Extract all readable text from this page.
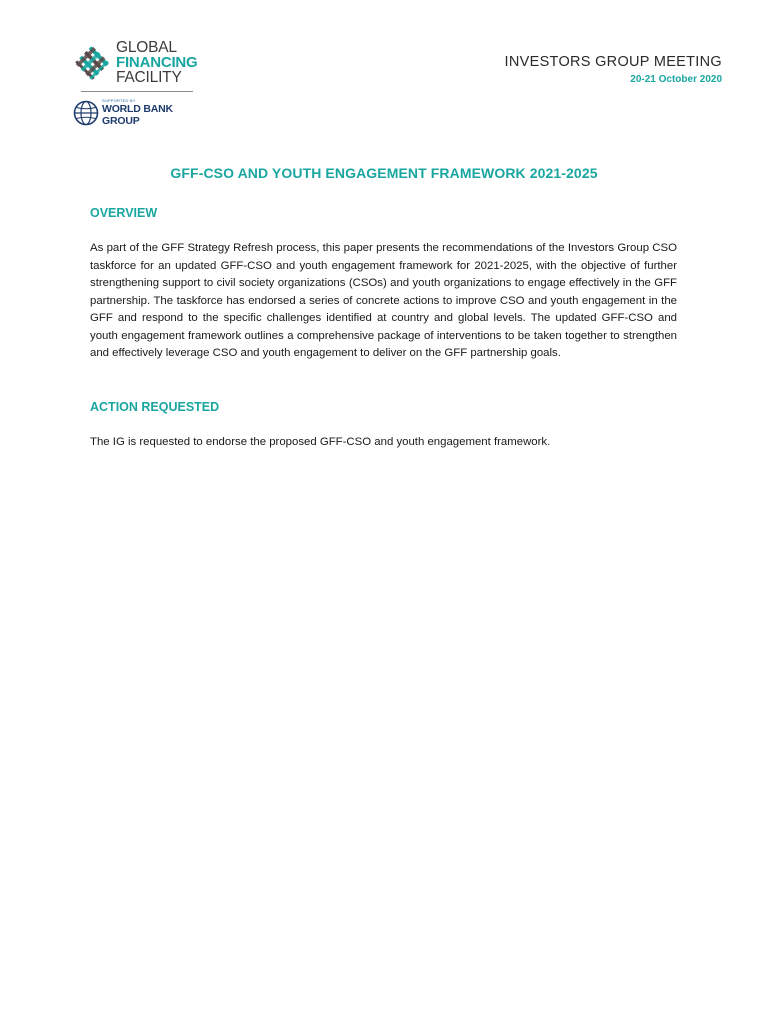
GLOBAL
FINANCING
FACILITY
SUPPORTED BY
WORLD BANK GROUP
INVESTORS GROUP MEETING
20-21 October 2020
GFF-CSO AND YOUTH ENGAGEMENT FRAMEWORK 2021-2025
OVERVIEW
As part of the GFF Strategy Refresh process, this paper presents the recommendations of the Investors Group CSO taskforce for an updated GFF-CSO and youth engagement framework for 2021-2025, with the objective of further strengthening support to civil society organizations (CSOs) and youth organizations to engage effectively in the GFF partnership. The taskforce has endorsed a series of concrete actions to improve CSO and youth engagement in the GFF and respond to the specific challenges identified at country and global levels. The updated GFF-CSO and youth engagement framework outlines a comprehensive package of interventions to be taken together to strengthen and effectively leverage CSO and youth engagement to deliver on the GFF partnership goals.
ACTION REQUESTED
The IG is requested to endorse the proposed GFF-CSO and youth engagement framework.
